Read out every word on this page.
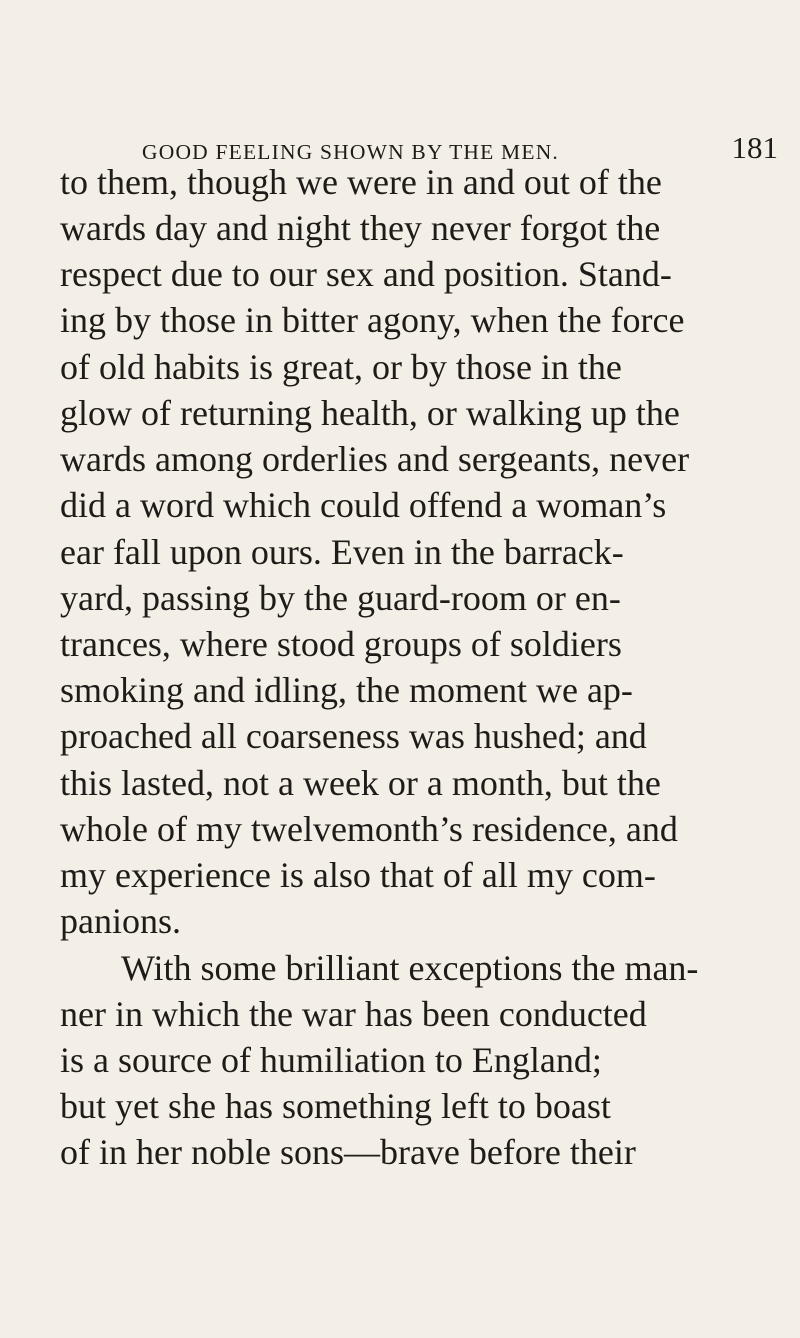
GOOD FEELING SHOWN BY THE MEN.	181
to them, though we were in and out of the
wards day and night they never forgot the
respect due to our sex and position. Stand-
ing by those in bitter agony, when the force
of old habits is great, or by those in the
glow of returning health, or walking up the
wards among orderlies and sergeants, never
did a word which could offend a woman’s
ear fall upon ours. Even in the barrack-
yard, passing by the guard-room or en-
trances, where stood groups of soldiers
smoking and idling, the moment we ap-
proached all coarseness was hushed; and
this lasted, not a week or a month, but the
whole of my twelvemonth’s residence, and
my experience is also that of all my com-
panions.
With some brilliant exceptions the man-
ner in which the war has been conducted
is a source of humiliation to England;
but yet she has something left to boast
of in her noble sons—brave before their
